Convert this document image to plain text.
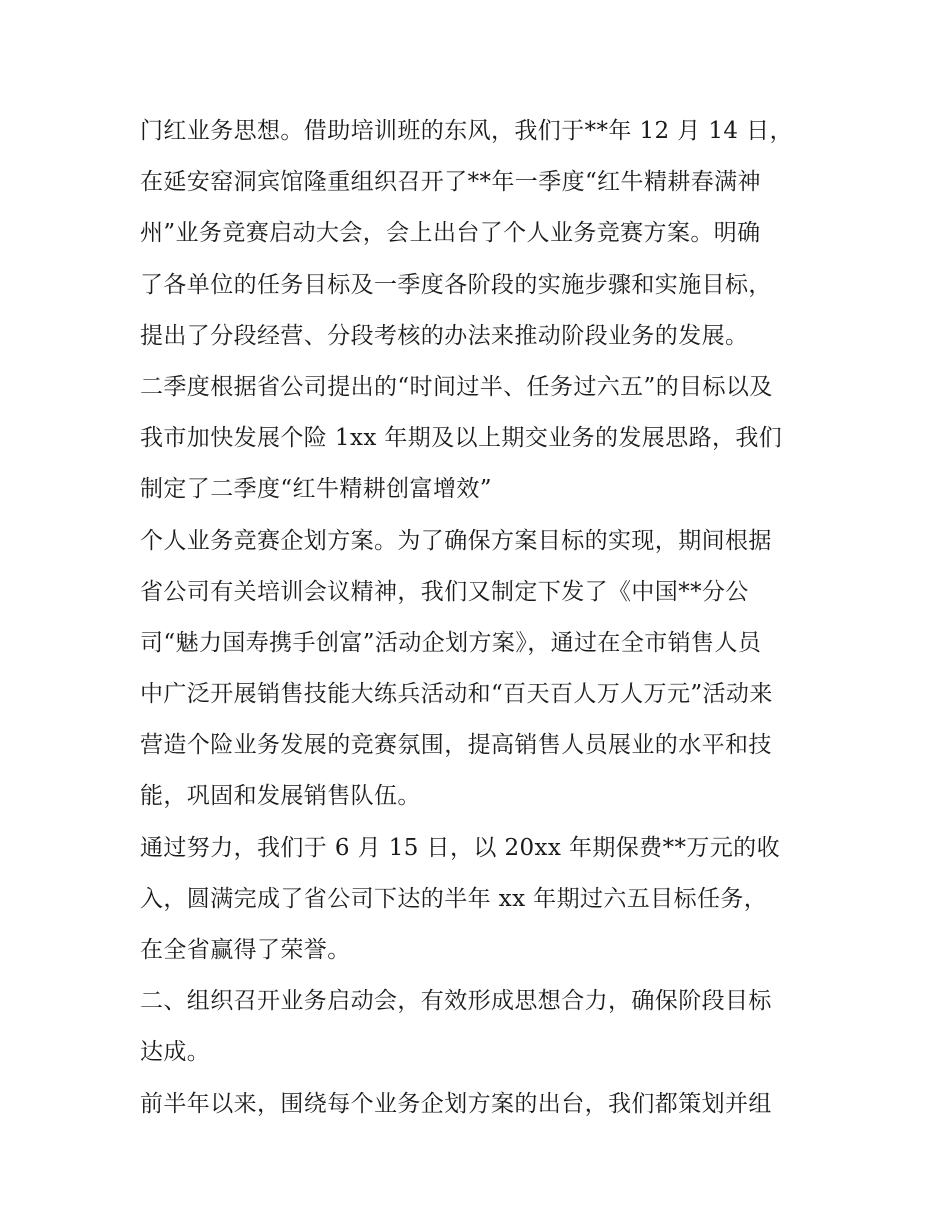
门红业务思想。借助培训班的东风，我们于**年 12 月 14 日，
在延安窑洞宾馆隆重组织召开了**年一季度“红牛精耕春满神
州”业务竞赛启动大会，会上出台了个人业务竞赛方案。明确
了各单位的任务目标及一季度各阶段的实施步骤和实施目标，
提出了分段经营、分段考核的办法来推动阶段业务的发展。
二季度根据省公司提出的“时间过半、任务过六五”的目标以及
我市加快发展个险 1xx 年期及以上期交业务的发展思路，我们
制定了二季度“红牛精耕创富增效”
个人业务竞赛企划方案。为了确保方案目标的实现，期间根据
省公司有关培训会议精神，我们又制定下发了《中国**分公
司“魅力国寿携手创富”活动企划方案》，通过在全市销售人员
中广泛开展销售技能大练兵活动和“百天百人万人万元”活动来
营造个险业务发展的竞赛氛围，提高销售人员展业的水平和技
能，巩固和发展销售队伍。
通过努力，我们于 6 月 15 日，以 20xx 年期保费**万元的收
入，圆满完成了省公司下达的半年 xx 年期过六五目标任务，
在全省赢得了荣誉。
二、组织召开业务启动会，有效形成思想合力，确保阶段目标
达成。
前半年以来，围绕每个业务企划方案的出台，我们都策划并组
